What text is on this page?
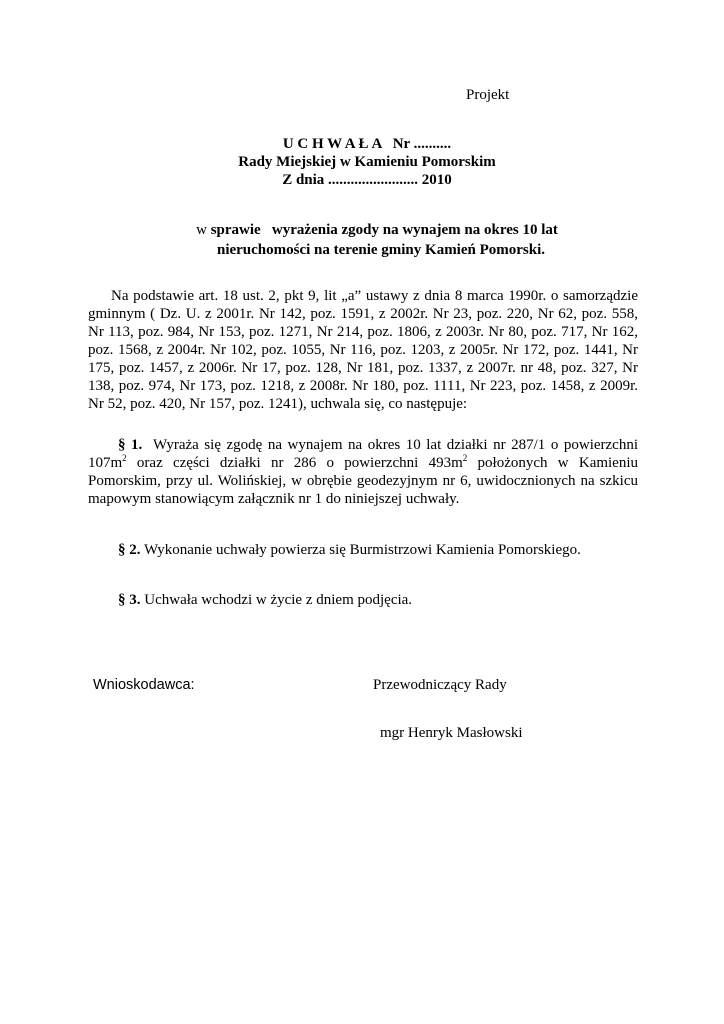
Projekt
U C H W A Ł A   Nr ..........
Rady Miejskiej w Kamieniu Pomorskim
Z dnia ........................ 2010
w sprawie   wyrażenia zgody na wynajem na okres 10 lat
nieruchomości na terenie gminy Kamień Pomorski.
Na podstawie art. 18 ust. 2, pkt 9, lit „a” ustawy z dnia 8 marca 1990r. o samorządzie gminnym ( Dz. U. z 2001r. Nr 142, poz. 1591, z 2002r. Nr 23, poz. 220, Nr 62, poz. 558, Nr 113, poz. 984, Nr 153, poz. 1271, Nr 214, poz. 1806, z 2003r. Nr 80, poz. 717, Nr 162, poz. 1568, z 2004r. Nr 102, poz. 1055, Nr 116, poz. 1203, z 2005r. Nr 172, poz. 1441, Nr 175, poz. 1457, z 2006r. Nr 17, poz. 128, Nr 181, poz. 1337, z 2007r. nr 48, poz. 327, Nr 138, poz. 974, Nr 173, poz. 1218, z 2008r. Nr 180, poz. 1111, Nr 223, poz. 1458, z 2009r. Nr 52, poz. 420, Nr 157, poz. 1241), uchwala się, co następuje:
§ 1.  Wyraża się zgodę na wynajem na okres 10 lat działki nr 287/1 o powierzchni $107m^2$ oraz części działki nr 286 o powierzchni $493m^2$ położonych w Kamieniu Pomorskim, przy ul. Wolińskiej, w obrębie geodezyjnym nr 6, uwidocznionych na szkicu mapowym stanowiącym załącznik nr 1 do niniejszej uchwały.
§ 2. Wykonanie uchwały powierza się Burmistrzowi Kamienia Pomorskiego.
§ 3. Uchwała wchodzi w życie z dniem podjęcia.
Wnioskodawca:	Przewodniczący Rady
mgr Henryk Masłowski
